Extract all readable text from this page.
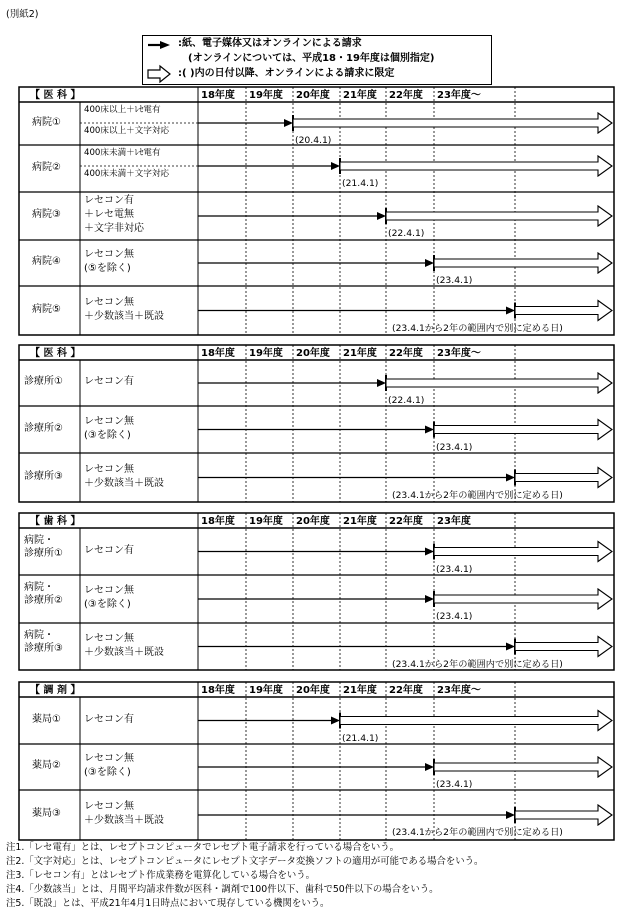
(別紙2)
:紙、電子媒体又はオンラインによる請求
(オンラインについては、平成18・19年度は個別指定)
:( )内の日付以降、オンラインによる請求に限定
【 医 科 】	18年度 19年度 20年度 21年度 22年度 23年度〜
病院①
400床以上＋ﾚｾ電有
400床以上＋文字対応
(20.4.1)
病院②
400床未満＋ﾚｾ電有
400床未満＋文字対応
(21.4.1)
病院③
レセコン有
＋レセ電無
＋文字非対応	(22.4.1)
病院④
レセコン無
(⑤を除く)
(23.4.1)
病院⑤
レセコン無
＋少数該当＋既設
(23.4.1から2年の範囲内で別に定める日)
【 医 科 】	18年度 19年度 20年度 21年度 22年度 23年度〜
診療所① レセコン有
(22.4.1)
診療所②
レセコン無
(③を除く)
(23.4.1)
診療所③
レセコン無
＋少数該当＋既設
(23.4.1から2年の範囲内で別に定める日)
【 歯 科 】	18年度 19年度 20年度 21年度 22年度 23年度
病院・
診療所① レセコン有
(23.4.1)
病院・
診療所②
レセコン無
(③を除く)
(23.4.1)
病院・
診療所③
レセコン無
＋少数該当＋既設
(23.4.1から2年の範囲内で別に定める日)
【 調 剤 】	18年度 19年度 20年度 21年度 22年度 23年度〜
薬局① レセコン有
(21.4.1)
薬局②
レセコン無
(③を除く)
(23.4.1)
薬局③
レセコン無
＋少数該当＋既設
(23.4.1から2年の範囲内で別に定める日)
注1.「レセ電有」とは、レセプトコンピュータでレセプト電子請求を行っている場合をいう。
注2.「文字対応」とは、レセプトコンピュータにレセプト文字データ変換ソフトの適用が可能である場合をいう。
注3.「レセコン有」とはレセプト作成業務を電算化している場合をいう。
注4.「少数該当」とは、月間平均請求件数が医科・調剤で100件以下、歯科で50件以下の場合をいう。
注5.「既設」とは、平成21年4月1日時点において現存している機関をいう。
